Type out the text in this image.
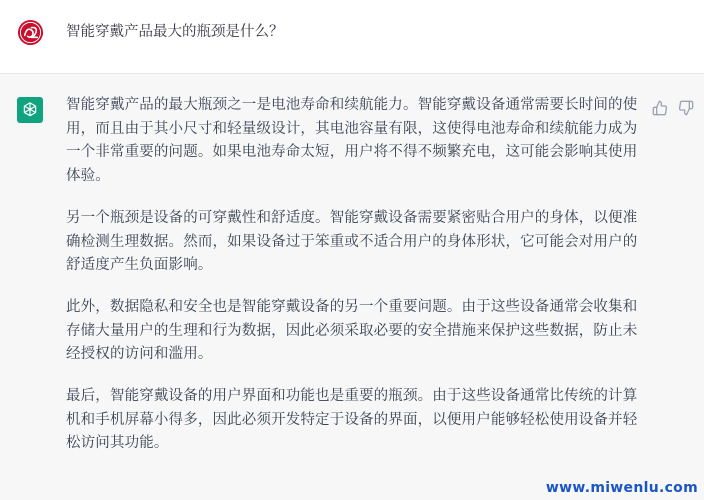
智能穿戴产品最大的瓶颈是什么？

智能穿戴产品的最大瓶颈之一是电池寿命和续航能力。智能穿戴设备通常需要长时间的使用，而且由于其小尺寸和轻量级设计，其电池容量有限，这使得电池寿命和续航能力成为一个非常重要的问题。如果电池寿命太短，用户将不得不频繁充电，这可能会影响其使用体验。

另一个瓶颈是设备的可穿戴性和舒适度。智能穿戴设备需要紧密贴合用户的身体，以便准确检测生理数据。然而，如果设备过于笨重或不适合用户的身体形状，它可能会对用户的舒适度产生负面影响。

此外，数据隐私和安全也是智能穿戴设备的另一个重要问题。由于这些设备通常会收集和存储大量用户的生理和行为数据，因此必须采取必要的安全措施来保护这些数据，防止未经授权的访问和滥用。

最后，智能穿戴设备的用户界面和功能也是重要的瓶颈。由于这些设备通常比传统的计算机和手机屏幕小得多，因此必须开发特定于设备的界面，以便用户能够轻松使用设备并轻松访问其功能。

www.miwenlu.com
